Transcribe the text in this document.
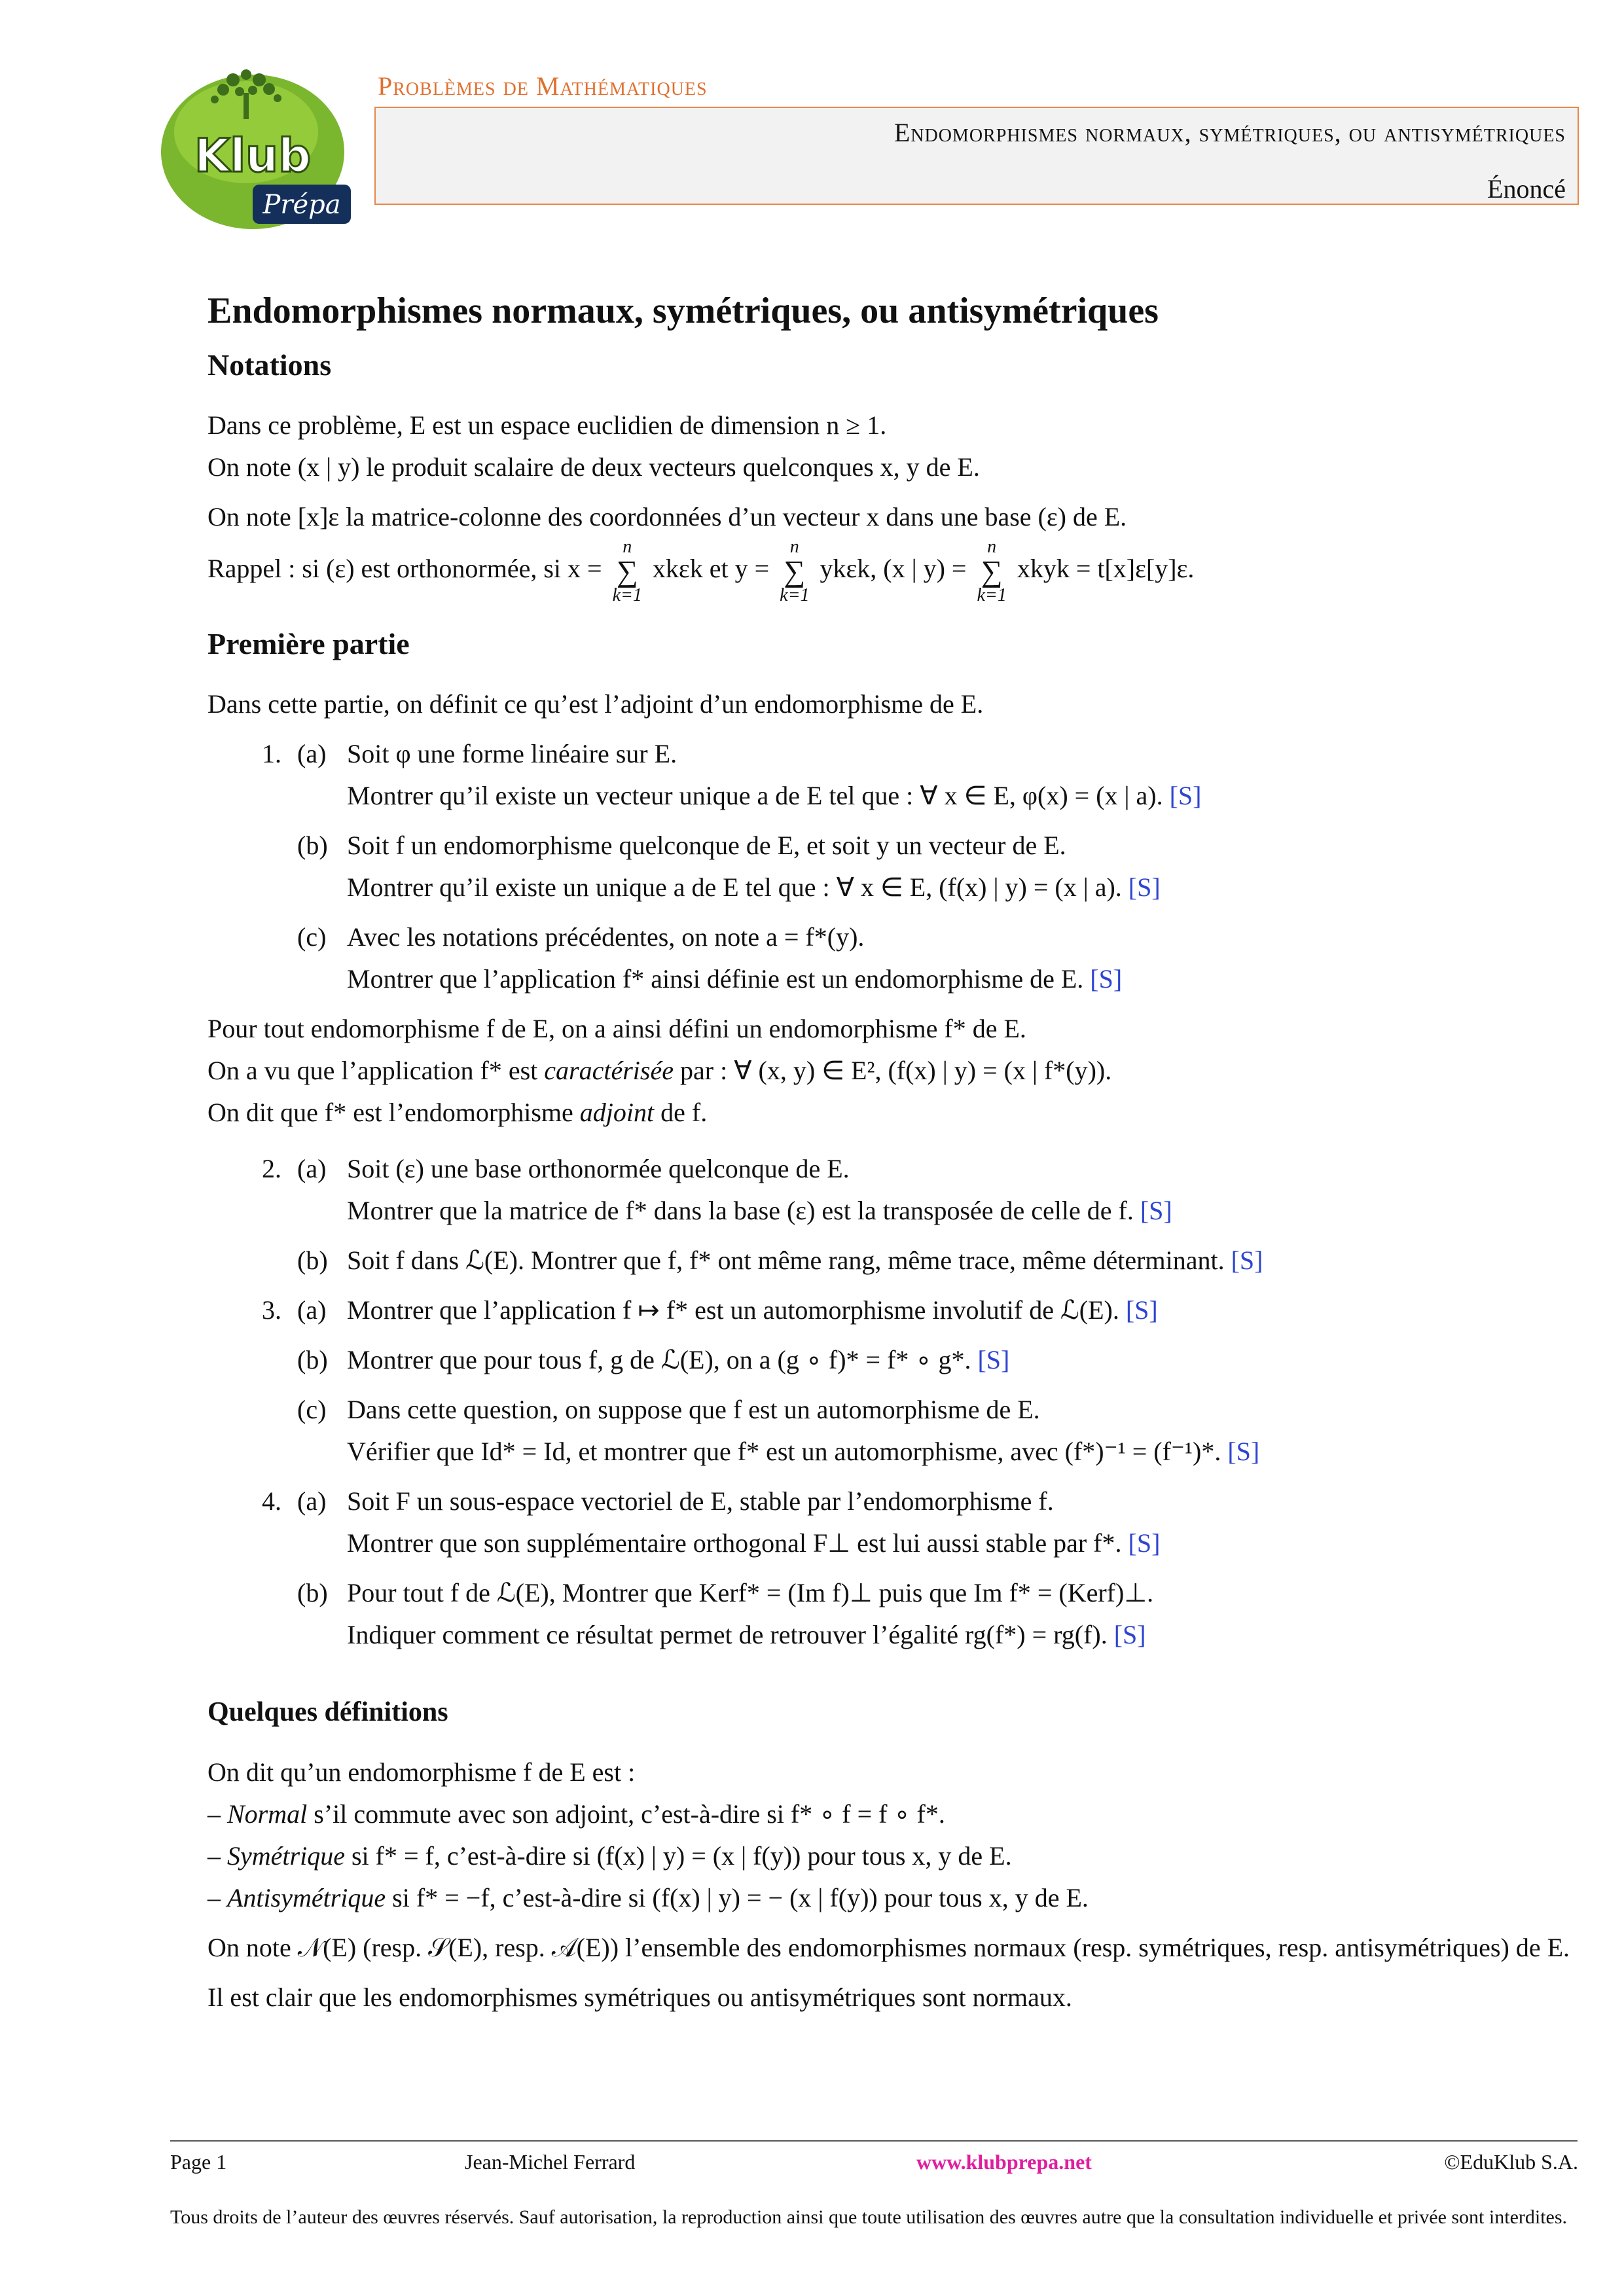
Klub
Prépa
Problèmes de Mathématiques
Endomorphismes normaux, symétriques, ou antisymétriques
Énoncé
Endomorphismes normaux, symétriques, ou antisymétriques
Notations

Dans ce problème, E est un espace euclidien de dimension n ≥ 1.

On note (x | y) le produit scalaire de deux vecteurs quelconques x, y de E.

On note [x]ε la matrice-colonne des coordonnées d’un vecteur x dans une base (ε) de E.

Rappel : si (ε) est orthonormée, si x =
n
∑
k=1
xkεk et y =
n
∑
k=1
ykεk, (x | y) =
n
∑
k=1
xkyk = t[x]ε[y]ε.
Première partie

Dans cette partie, on définit ce qu’est l’adjoint d’un endomorphisme de E.

1. (a) Soit φ une forme linéaire sur E.

Montrer qu’il existe un vecteur unique a de E tel que : ∀ x ∈ E, φ(x) = (x | a). [S]

(b) Soit f un endomorphisme quelconque de E, et soit y un vecteur de E.

Montrer qu’il existe un unique a de E tel que : ∀ x ∈ E, (f(x) | y) = (x | a). [S]

(c) Avec les notations précédentes, on note a = f*(y).

Montrer que l’application f* ainsi définie est un endomorphisme de E. [S]

Pour tout endomorphisme f de E, on a ainsi défini un endomorphisme f* de E.

On a vu que l’application f* est caractérisée par : ∀ (x, y) ∈ E², (f(x) | y) = (x | f*(y)).

On dit que f* est l’endomorphisme adjoint de f.

2. (a) Soit (ε) une base orthonormée quelconque de E.

Montrer que la matrice de f* dans la base (ε) est la transposée de celle de f. [S]

(b) Soit f dans ℒ(E). Montrer que f, f* ont même rang, même trace, même déterminant. [S]

3. (a) Montrer que l’application f ↦ f* est un automorphisme involutif de ℒ(E). [S]

(b) Montrer que pour tous f, g de ℒ(E), on a (g ∘ f)* = f* ∘ g*. [S]

(c) Dans cette question, on suppose que f est un automorphisme de E.

Vérifier que Id* = Id, et montrer que f* est un automorphisme, avec (f*)⁻¹ = (f⁻¹)*. [S]

4. (a) Soit F un sous-espace vectoriel de E, stable par l’endomorphisme f.

Montrer que son supplémentaire orthogonal F⊥ est lui aussi stable par f*. [S]

(b) Pour tout f de ℒ(E), Montrer que Kerf* = (Im f)⊥ puis que Im f* = (Kerf)⊥.

Indiquer comment ce résultat permet de retrouver l’égalité rg(f*) = rg(f). [S]

Quelques définitions

On dit qu’un endomorphisme f de E est :

– Normal s’il commute avec son adjoint, c’est-à-dire si f* ∘ f = f ∘ f*.

– Symétrique si f* = f, c’est-à-dire si (f(x) | y) = (x | f(y)) pour tous x, y de E.

– Antisymétrique si f* = −f, c’est-à-dire si (f(x) | y) = − (x | f(y)) pour tous x, y de E.

On note 𝒩(E) (resp. 𝒮(E), resp. 𝒜(E)) l’ensemble des endomorphismes normaux (resp. symétriques, resp. antisymétriques) de E.

Il est clair que les endomorphismes symétriques ou antisymétriques sont normaux.

Page 1	Jean-Michel Ferrard	www.klubprepa.net	©EduKlub S.A.
Tous droits de l’auteur des œuvres réservés. Sauf autorisation, la reproduction ainsi que toute utilisation des œuvres autre que la consultation individuelle et privée sont interdites.
